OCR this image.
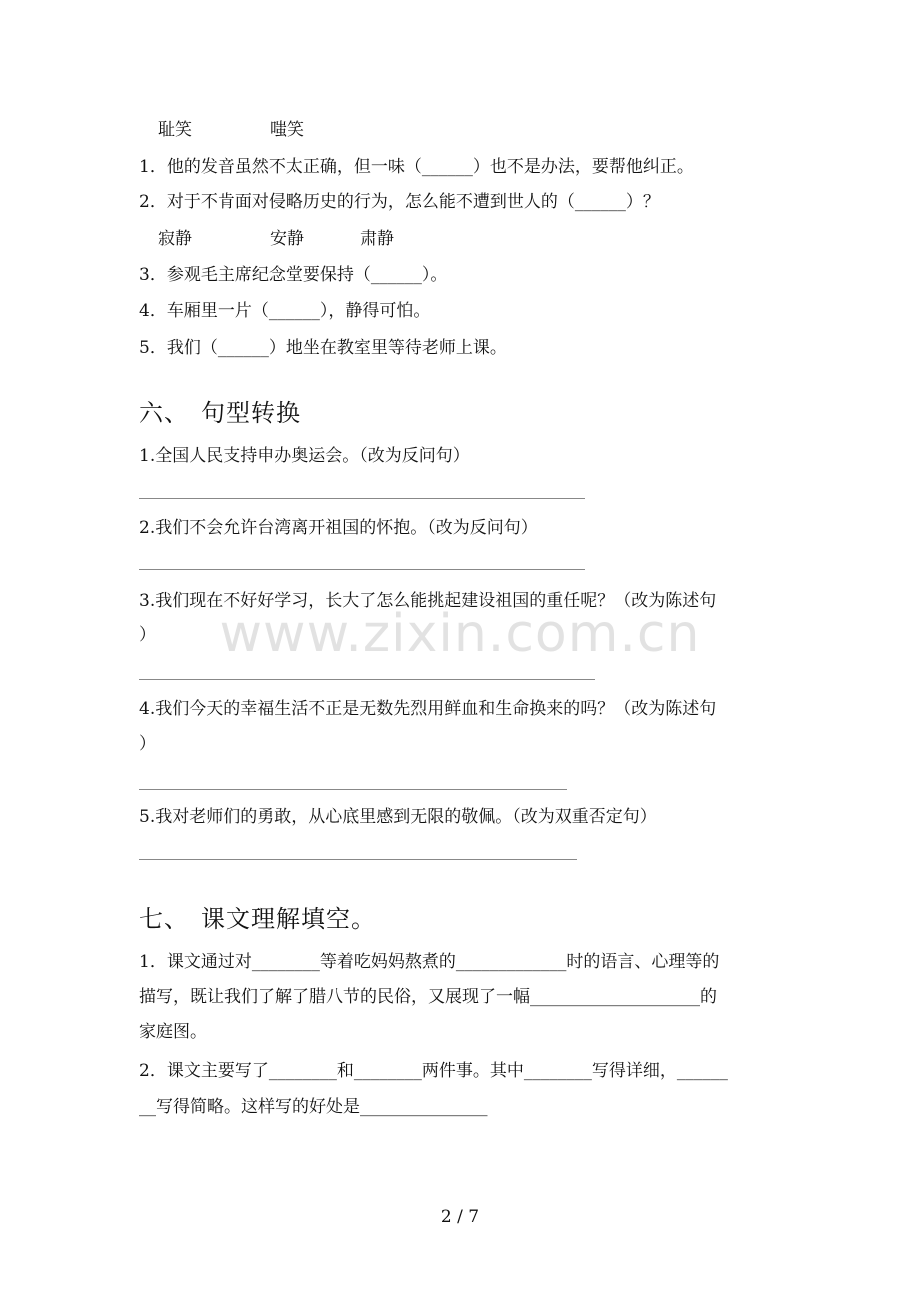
耻笑	嗤笑
1．他的发音虽然不太正确，但一味（______）也不是办法，要帮他纠正。
2．对于不肯面对侵略历史的行为，怎么能不遭到世人的（______）？
寂静	安静	肃静
3．参观毛主席纪念堂要保持（______）。
4．车厢里一片（______），静得可怕。
5．我们（______）地坐在教室里等待老师上课。
六、 句型转换
1.全国人民支持申办奥运会。（改为反问句）
2.我们不会允许台湾离开祖国的怀抱。（改为反问句）
3.我们现在不好好学习，长大了怎么能挑起建设祖国的重任呢？（改为陈述句
）
4.我们今天的幸福生活不正是无数先烈用鲜血和生命换来的吗？（改为陈述句
）
5.我对老师们的勇敢，从心底里感到无限的敬佩。（改为双重否定句）
七、 课文理解填空。
1．课文通过对________等着吃妈妈熬煮的_____________时的语言、心理等的
描写，既让我们了解了腊八节的民俗，又展现了一幅____________________的
家庭图。
2．课文主要写了________和________两件事。其中________写得详细，______
__写得简略。这样写的好处是_______________
www.zixin.com.cn
2 / 7
